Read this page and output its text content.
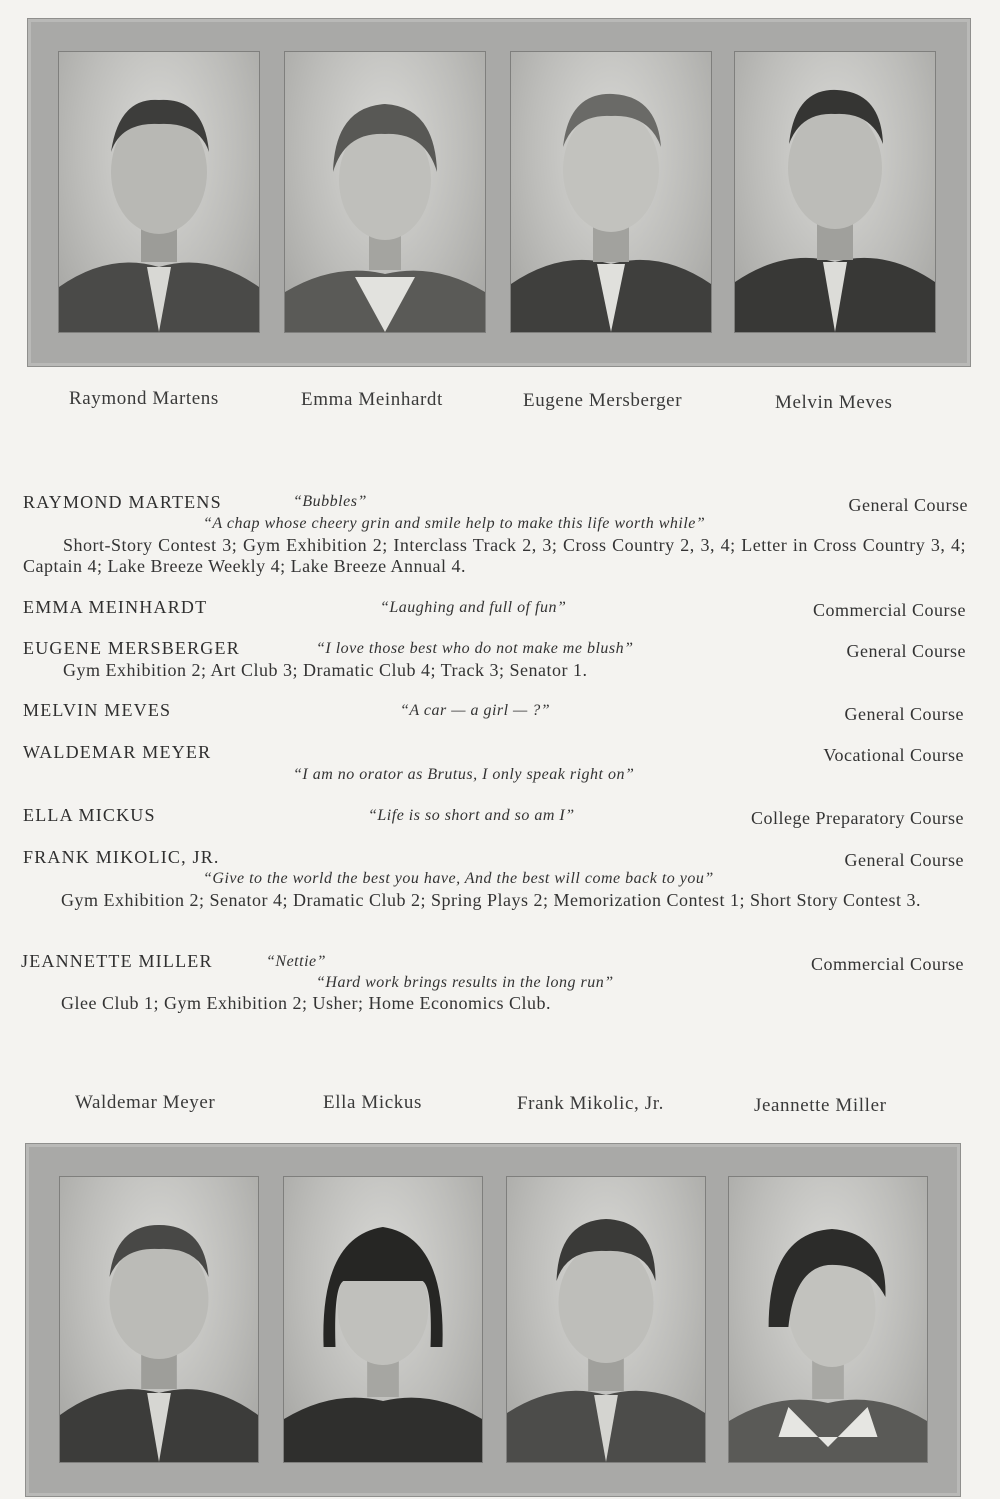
Raymond Martens	Emma Meinhardt	Eugene Mersberger	Melvin Meves
RAYMOND MARTENS	“Bubbles”	General Course
“A chap whose cheery grin and smile help to make this life worth while”
Short-Story Contest 3; Gym Exhibition 2; Interclass Track 2, 3; Cross Country 2, 3, 4; Letter in Cross Country 3, 4; Captain 4; Lake Breeze Weekly 4; Lake Breeze Annual 4.
EMMA MEINHARDT	“Laughing and full of fun”	Commercial Course
EUGENE MERSBERGER	“I love those best who do not make me blush”	General Course
Gym Exhibition 2; Art Club 3; Dramatic Club 4; Track 3; Senator 1.
MELVIN MEVES	“A car — a girl — ?”	General Course
WALDEMAR MEYER	Vocational Course
“I am no orator as Brutus, I only speak right on”
ELLA MICKUS	“Life is so short and so am I”	College Preparatory Course
FRANK MIKOLIC, JR.	General Course
“Give to the world the best you have, And the best will come back to you”
Gym Exhibition 2; Senator 4; Dramatic Club 2; Spring Plays 2; Memorization Contest 1; Short Story Contest 3.
JEANNETTE MILLER	“Nettie”	Commercial Course
“Hard work brings results in the long run”
Glee Club 1; Gym Exhibition 2; Usher; Home Economics Club.
Waldemar Meyer	Ella Mickus	Frank Mikolic, Jr.	Jeannette Miller
